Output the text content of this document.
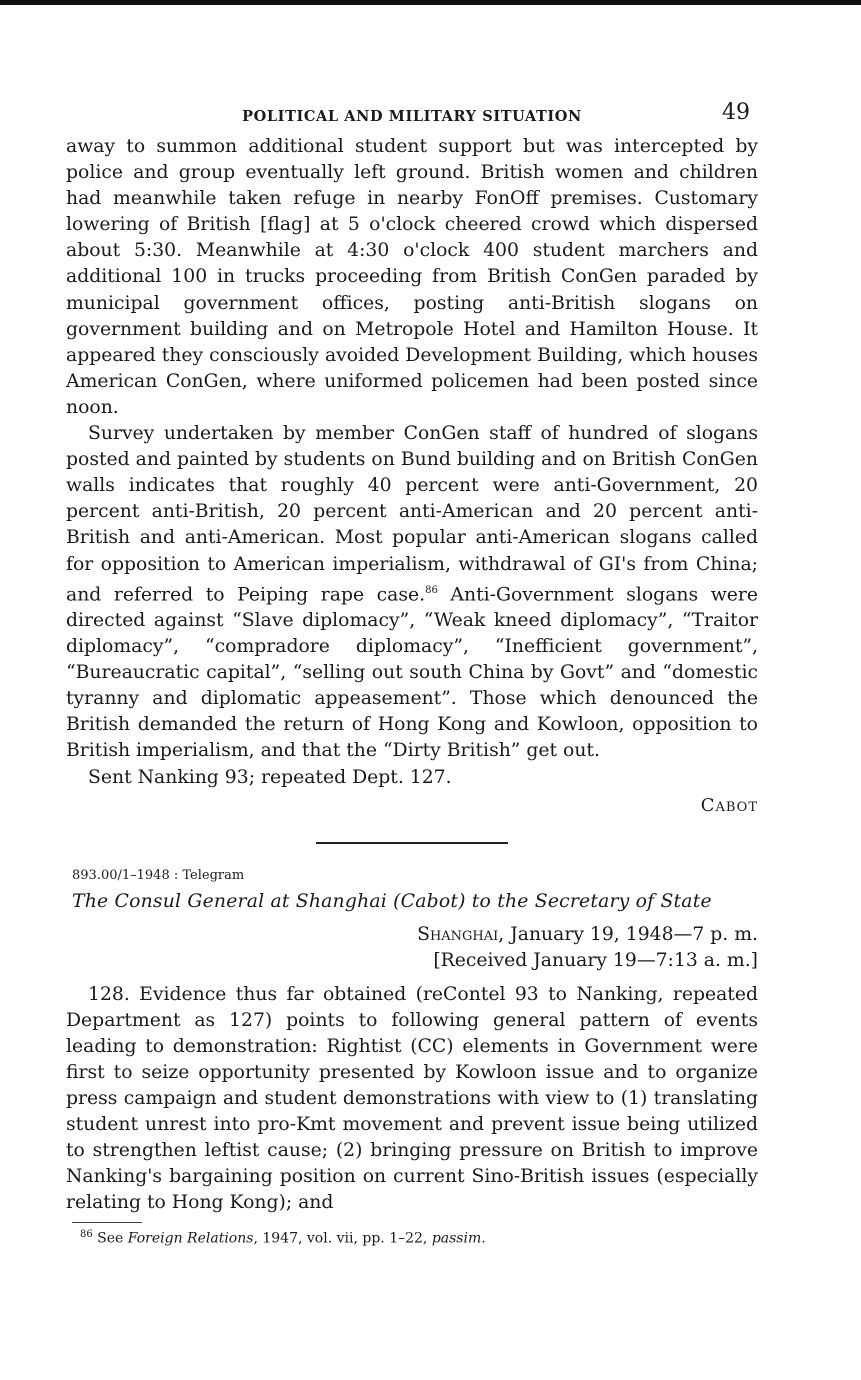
POLITICAL AND MILITARY SITUATION	49

away to summon additional student support but was intercepted by police and group eventually left ground. British women and children had meanwhile taken refuge in nearby FonOff premises. Customary lowering of British [flag] at 5 o'clock cheered crowd which dispersed about 5:30. Meanwhile at 4:30 o'clock 400 student marchers and additional 100 in trucks proceeding from British ConGen paraded by municipal government offices, posting anti-British slogans on government building and on Metropole Hotel and Hamilton House. It appeared they consciously avoided Development Building, which houses American ConGen, where uniformed policemen had been posted since noon.

Survey undertaken by member ConGen staff of hundred of slogans posted and painted by students on Bund building and on British ConGen walls indicates that roughly 40 percent were anti-Government, 20 percent anti-British, 20 percent anti-American and 20 percent anti-British and anti-American. Most popular anti-American slogans called for opposition to American imperialism, withdrawal of GI's from China; and referred to Peiping rape case.$^{86}$ Anti-Government slogans were directed against “Slave diplomacy”, “Weak kneed diplomacy”, “Traitor diplomacy”, “compradore diplomacy”, “Inefficient government”, “Bureaucratic capital”, “selling out south China by Govt” and “domestic tyranny and diplomatic appeasement”. Those which denounced the British demanded the return of Hong Kong and Kowloon, opposition to British imperialism, and that the “Dirty British” get out.

Sent Nanking 93; repeated Dept. 127.

Cabot

893.00/1–1948 : Telegram

The Consul General at Shanghai (Cabot) to the Secretary of State

Shanghai, January 19, 1948—7 p. m.
[Received January 19—7:13 a. m.]

128. Evidence thus far obtained (reContel 93 to Nanking, repeated Department as 127) points to following general pattern of events leading to demonstration: Rightist (CC) elements in Government were first to seize opportunity presented by Kowloon issue and to organize press campaign and student demonstrations with view to (1) translating student unrest into pro-Kmt movement and prevent issue being utilized to strengthen leftist cause; (2) bringing pressure on British to improve Nanking's bargaining position on current Sino-British issues (especially relating to Hong Kong); and

$^{86}$ See Foreign Relations, 1947, vol. vii, pp. 1–22, passim.
